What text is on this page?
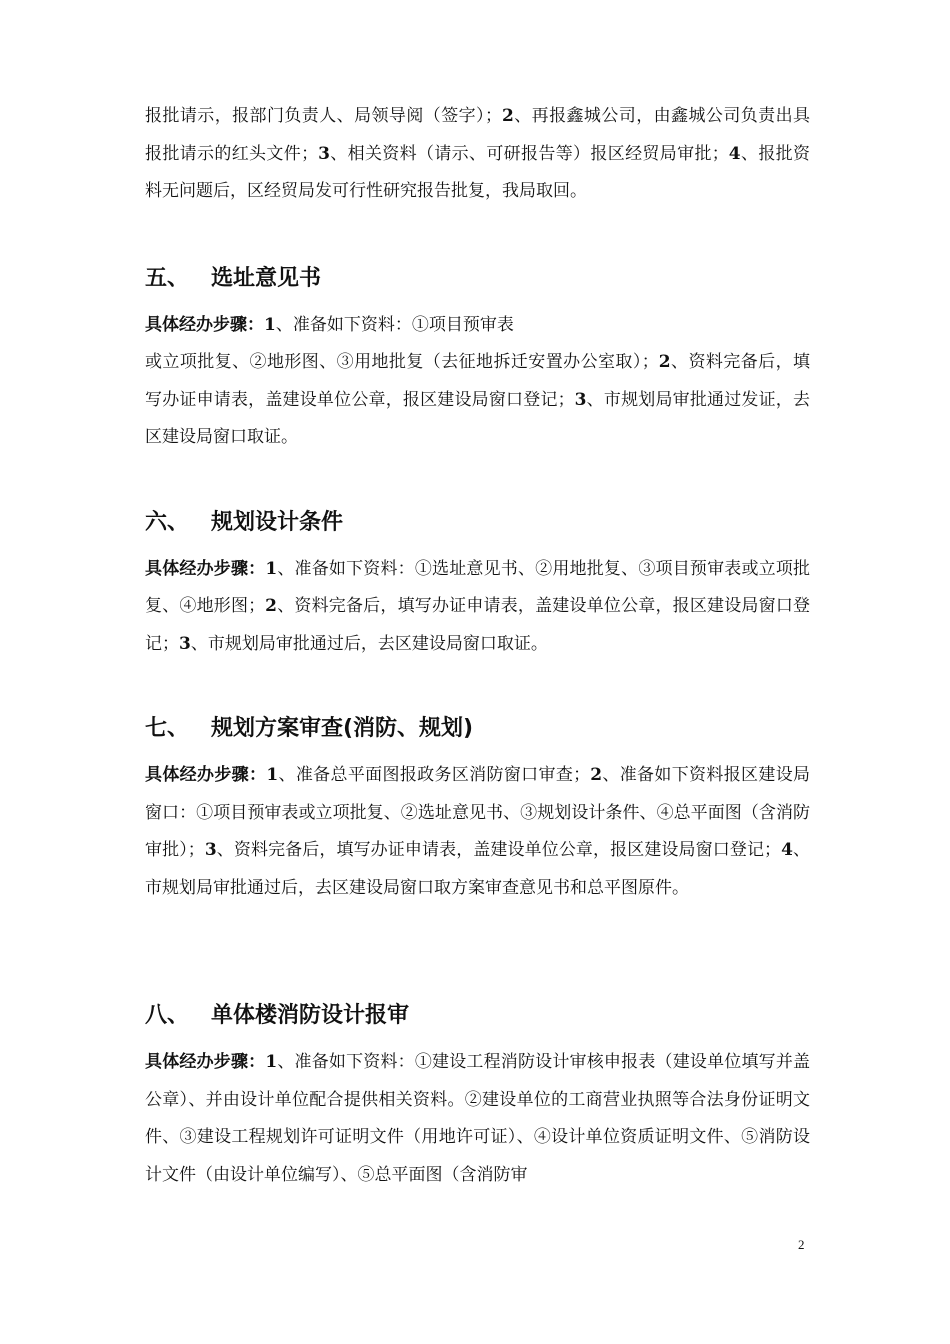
报批请示，报部门负责人、局领导阅（签字）；2、再报鑫城公司，由鑫城公司负责出具报批请示的红头文件；3、相关资料（请示、可研报告等）报区经贸局审批；4、报批资料无问题后，区经贸局发可行性研究报告批复，我局取回。

五、 选址意见书

具体经办步骤：1、准备如下资料：①项目预审表
或立项批复、②地形图、③用地批复（去征地拆迁安置办公室取）；2、资料完备后，填写办证申请表，盖建设单位公章，报区建设局窗口登记；3、市规划局审批通过发证，去区建设局窗口取证。

六、 规划设计条件

具体经办步骤：1、准备如下资料：①选址意见书、②用地批复、③项目预审表或立项批复、④地形图；2、资料完备后，填写办证申请表，盖建设单位公章，报区建设局窗口登记；3、市规划局审批通过后，去区建设局窗口取证。

七、 规划方案审查(消防、规划)

具体经办步骤：1、准备总平面图报政务区消防窗口审查；2、准备如下资料报区建设局窗口：①项目预审表或立项批复、②选址意见书、③规划设计条件、④总平面图（含消防审批）；3、资料完备后，填写办证申请表，盖建设单位公章，报区建设局窗口登记；4、市规划局审批通过后，去区建设局窗口取方案审查意见书和总平图原件。

八、 单体楼消防设计报审

具体经办步骤：1、准备如下资料：①建设工程消防设计审核申报表（建设单位填写并盖公章）、并由设计单位配合提供相关资料。②建设单位的工商营业执照等合法身份证明文件、③建设工程规划许可证明文件（用地许可证）、④设计单位资质证明文件、⑤消防设计文件（由设计单位编写）、⑤总平面图（含消防审

2
